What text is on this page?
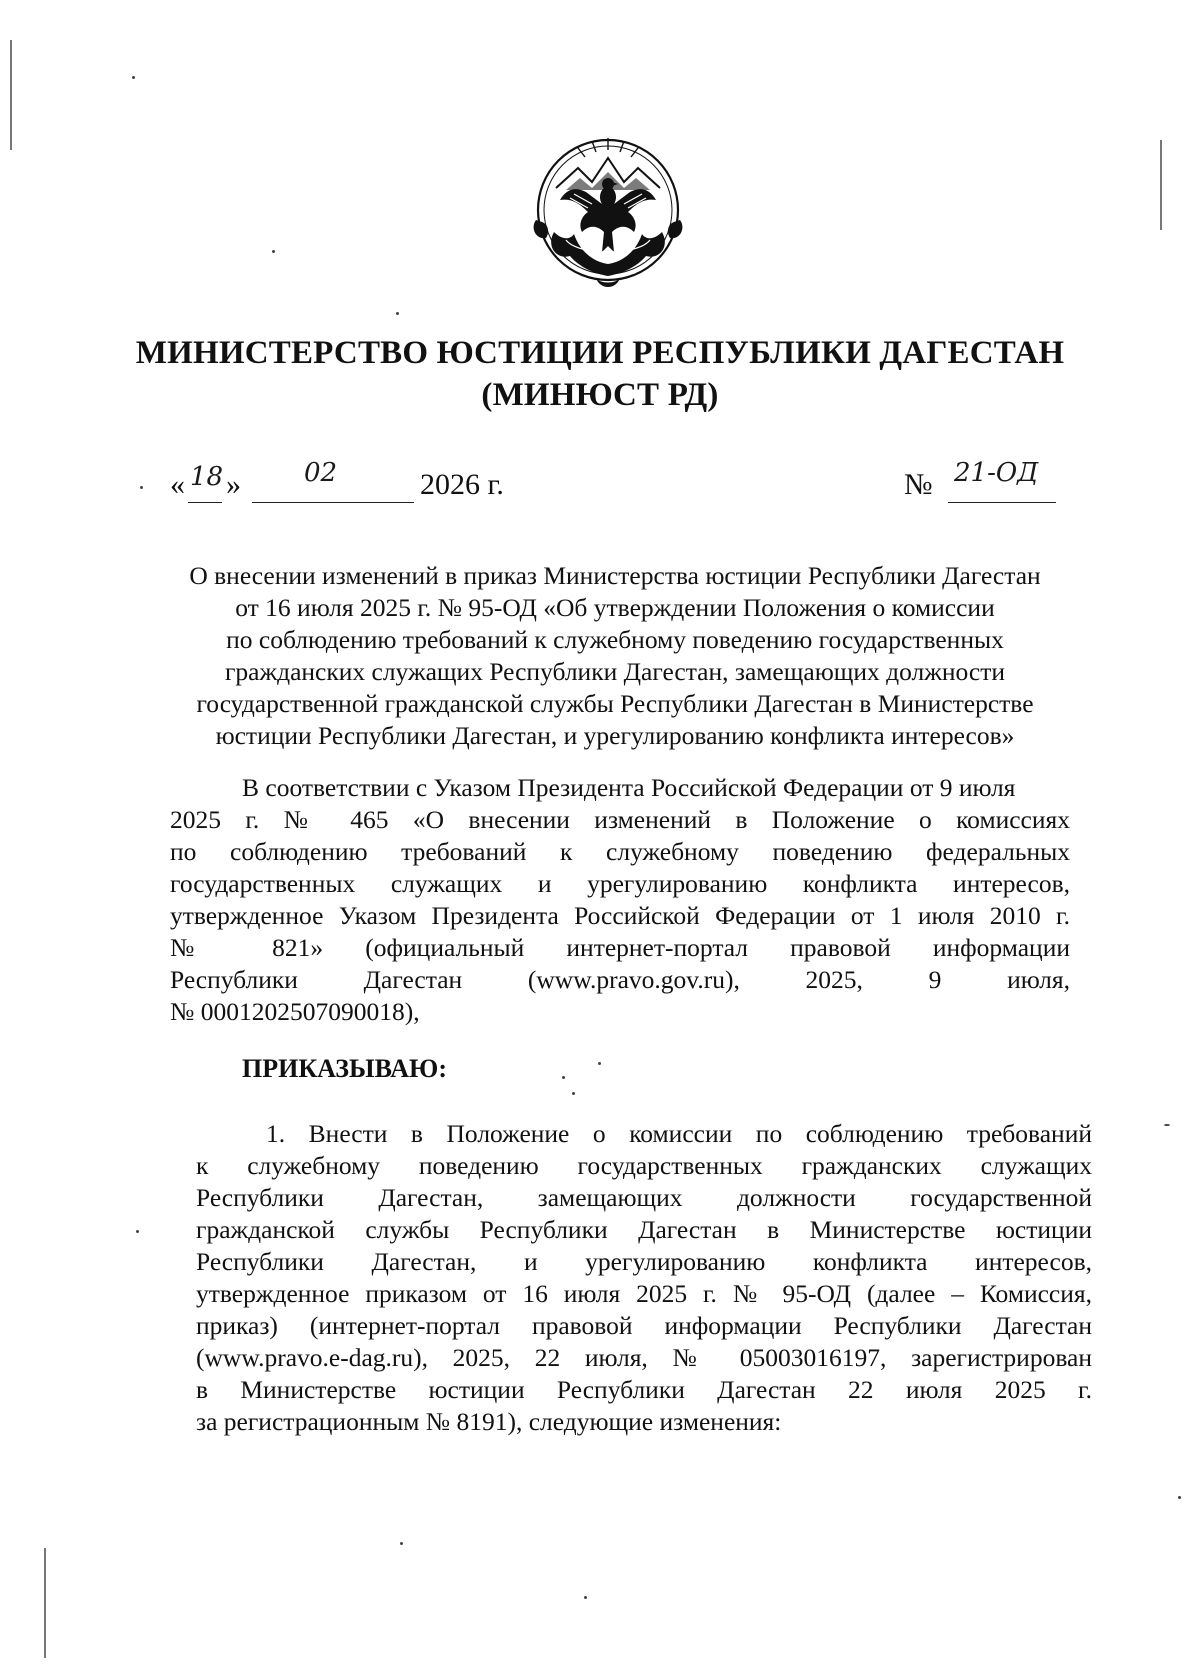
МИНИСТЕРСТВО ЮСТИЦИИ РЕСПУБЛИКИ ДАГЕСТАН
(МИНЮСТ РД)
« 18 » 02	2026 г.	№ 21-ОД
О внесении изменений в приказ Министерства юстиции Республики Дагестан
от 16 июля 2025 г. № 95-ОД «Об утверждении Положения о комиссии
по соблюдению требований к служебному поведению государственных
гражданских служащих Республики Дагестан, замещающих должности
государственной гражданской службы Республики Дагестан в Министерстве
юстиции Республики Дагестан, и урегулированию конфликта интересов»
В соответствии с Указом Президента Российской Федерации от 9 июля
2025 г. № 465 «О внесении изменений в Положение о комиссиях
по соблюдению требований к служебному поведению федеральных
государственных служащих и урегулированию конфликта интересов,
утвержденное Указом Президента Российской Федерации от 1 июля 2010 г.
№ 821» (официальный интернет-портал правовой информации
Республики Дагестан (www.pravo.gov.ru), 2025, 9 июля,
№ 0001202507090018),
ПРИКАЗЫВАЮ:
1. Внести в Положение о комиссии по соблюдению требований
к служебному поведению государственных гражданских служащих
Республики Дагестан, замещающих должности государственной
гражданской службы Республики Дагестан в Министерстве юстиции
Республики Дагестан, и урегулированию конфликта интересов,
утвержденное приказом от 16 июля 2025 г. № 95-ОД (далее – Комиссия,
приказ) (интернет-портал правовой информации Республики Дагестан
(www.pravo.e-dag.ru), 2025, 22 июля, № 05003016197, зарегистрирован
в Министерстве юстиции Республики Дагестан 22 июля 2025 г.
за регистрационным № 8191), следующие изменения:
